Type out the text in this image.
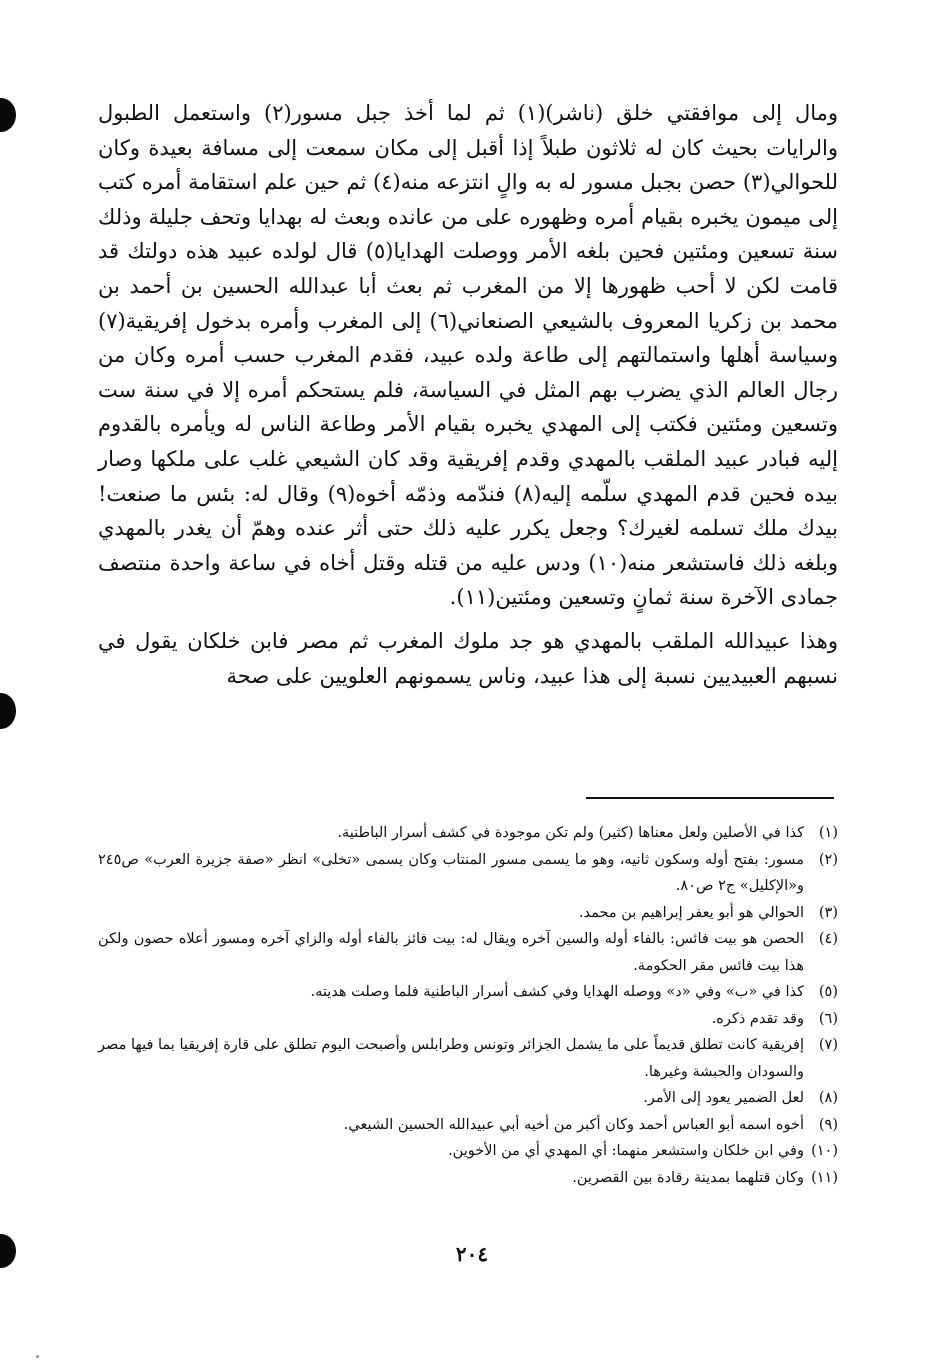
ومال إلى موافقتي خلق (ناشر)(١) ثم لما أخذ جبل مسور(٢) واستعمل الطبول والرايات بحيث كان له ثلاثون طبلاً إذا أقبل إلى مكان سمعت إلى مسافة بعيدة وكان للحوالي(٣) حصن بجبل مسور له به والٍ انتزعه منه(٤) ثم حين علم استقامة أمره كتب إلى ميمون يخبره بقيام أمره وظهوره على من عانده وبعث له بهدايا وتحف جليلة وذلك سنة تسعين ومئتين فحين بلغه الأمر ووصلت الهدايا(٥) قال لولده عبيد هذه دولتك قد قامت لكن لا أحب ظهورها إلا من المغرب ثم بعث أبا عبدالله الحسين بن أحمد بن محمد بن زكريا المعروف بالشيعي الصنعاني(٦) إلى المغرب وأمره بدخول إفريقية(٧) وسياسة أهلها واستمالتهم إلى طاعة ولده عبيد، فقدم المغرب حسب أمره وكان من رجال العالم الذي يضرب بهم المثل في السياسة، فلم يستحكم أمره إلا في سنة ست وتسعين ومئتين فكتب إلى المهدي يخبره بقيام الأمر وطاعة الناس له ويأمره بالقدوم إليه فبادر عبيد الملقب بالمهدي وقدم إفريقية وقد كان الشيعي غلب على ملكها وصار بيده فحين قدم المهدي سلّمه إليه(٨) فندّمه وذمّه أخوه(٩) وقال له: بئس ما صنعت! بيدك ملك تسلمه لغيرك؟ وجعل يكرر عليه ذلك حتى أثر عنده وهمّ أن يغدر بالمهدي وبلغه ذلك فاستشعر منه(١٠) ودس عليه من قتله وقتل أخاه في ساعة واحدة منتصف جمادى الآخرة سنة ثمانٍ وتسعين ومئتين(١١).

وهذا عبيدالله الملقب بالمهدي هو جد ملوك المغرب ثم مصر فابن خلكان يقول في نسبهم العبيديين نسبة إلى هذا عبيد، وناس يسمونهم العلويين على صحة

(١)
كذا في الأصلين ولعل معناها (كثير) ولم تكن موجودة في كشف أسرار الباطنية.
(٢)
مسور: بفتح أوله وسكون ثانيه، وهو ما يسمى مسور المنتاب وكان يسمى «تخلى» انظر «صفة جزيرة العرب» ص٢٤٥ و«الإكليل» ج٢ ص٨٠.
(٣)
الحوالي هو أبو يعفر إبراهيم بن محمد.
(٤)
الحصن هو بيت فائس: بالفاء أوله والسين آخره ويقال له: بيت فائز بالفاء أوله والزاي آخره ومسور أعلاه حصون ولكن هذا بيت فائس مقر الحكومة.
(٥)
كذا في «ب» وفي «د» ووصله الهدايا وفي كشف أسرار الباطنية فلما وصلت هديته.
(٦)
وقد تقدم ذكره.
(٧)
إفريقية كانت تطلق قديماً على ما يشمل الجزائر وتونس وطرابلس وأصبحت اليوم تطلق على قارة إفريقيا بما فيها مصر والسودان والحبشة وغيرها.
(٨)
لعل الضمير يعود إلى الأمر.
(٩)
أخوه اسمه أبو العباس أحمد وكان أكبر من أخيه أبي عبيدالله الحسين الشيعي.
(١٠)
وفي ابن خلكان واستشعر منهما: أي المهدي أي من الأخوين.
(١١)
وكان قتلهما بمدينة رقادة بين القصرين.
٢٠٤
